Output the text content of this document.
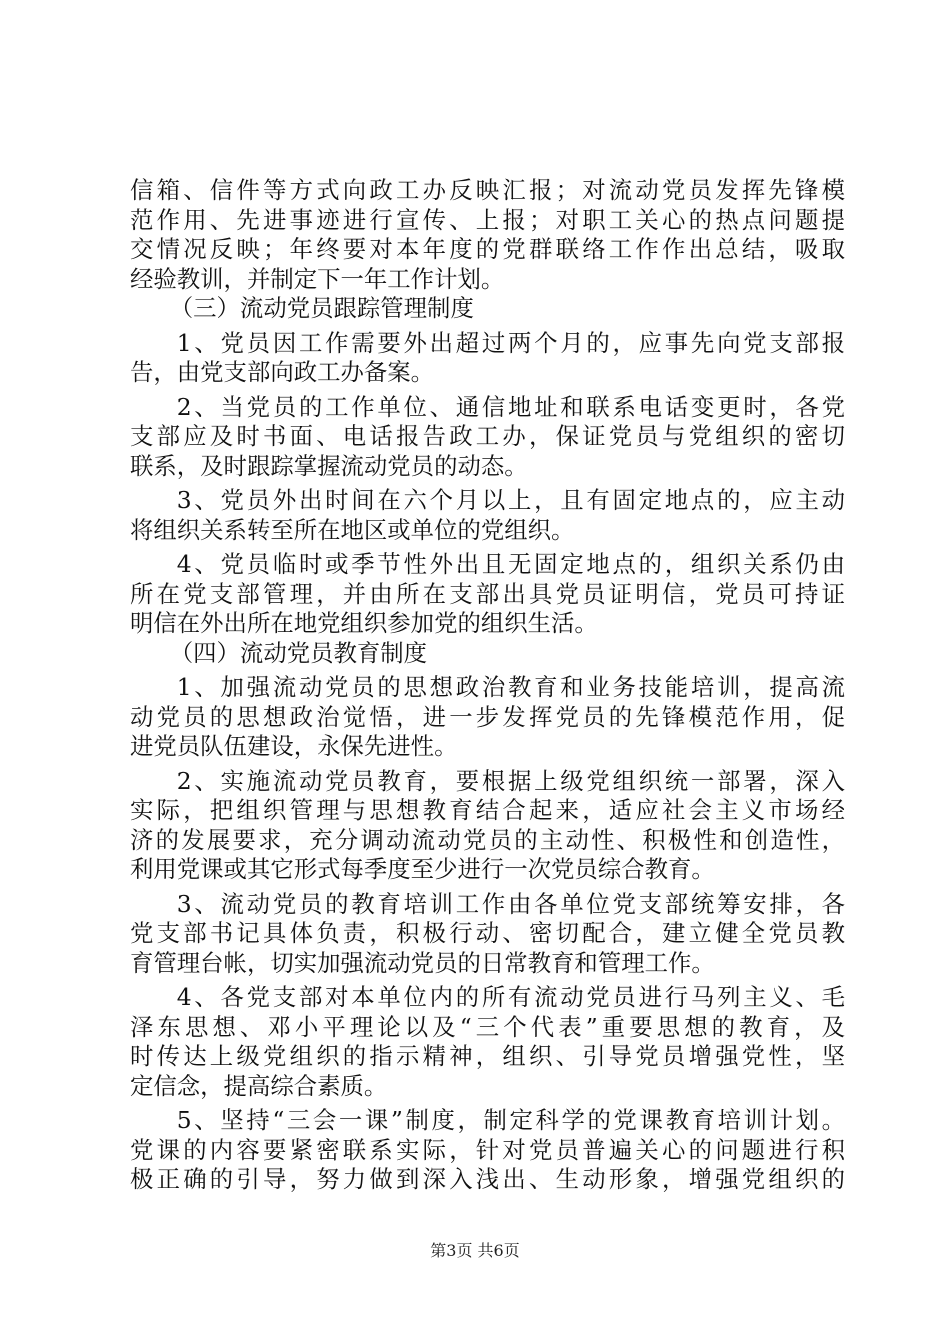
信箱、信件等方式向政工办反映汇报；对流动党员发挥先锋模
范作用、先进事迹进行宣传、上报；对职工关心的热点问题提
交情况反映；年终要对本年度的党群联络工作作出总结，吸取
经验教训，并制定下一年工作计划。
（三）流动党员跟踪管理制度
1、党员因工作需要外出超过两个月的，应事先向党支部报
告，由党支部向政工办备案。
2、当党员的工作单位、通信地址和联系电话变更时，各党
支部应及时书面、电话报告政工办，保证党员与党组织的密切
联系，及时跟踪掌握流动党员的动态。
3、党员外出时间在六个月以上，且有固定地点的，应主动
将组织关系转至所在地区或单位的党组织。
4、党员临时或季节性外出且无固定地点的，组织关系仍由
所在党支部管理，并由所在支部出具党员证明信，党员可持证
明信在外出所在地党组织参加党的组织生活。
（四）流动党员教育制度
1、加强流动党员的思想政治教育和业务技能培训，提高流
动党员的思想政治觉悟，进一步发挥党员的先锋模范作用，促
进党员队伍建设，永保先进性。
2、实施流动党员教育，要根据上级党组织统一部署，深入
实际，把组织管理与思想教育结合起来，适应社会主义市场经
济的发展要求，充分调动流动党员的主动性、积极性和创造性，
利用党课或其它形式每季度至少进行一次党员综合教育。
3、流动党员的教育培训工作由各单位党支部统筹安排，各
党支部书记具体负责，积极行动、密切配合，建立健全党员教
育管理台帐，切实加强流动党员的日常教育和管理工作。
4、各党支部对本单位内的所有流动党员进行马列主义、毛
泽东思想、邓小平理论以及“三个代表”重要思想的教育，及
时传达上级党组织的指示精神，组织、引导党员增强党性，坚
定信念，提高综合素质。
5、坚持“三会一课”制度，制定科学的党课教育培训计划。
党课的内容要紧密联系实际，针对党员普遍关心的问题进行积
极正确的引导，努力做到深入浅出、生动形象，增强党组织的
第3页 共6页
